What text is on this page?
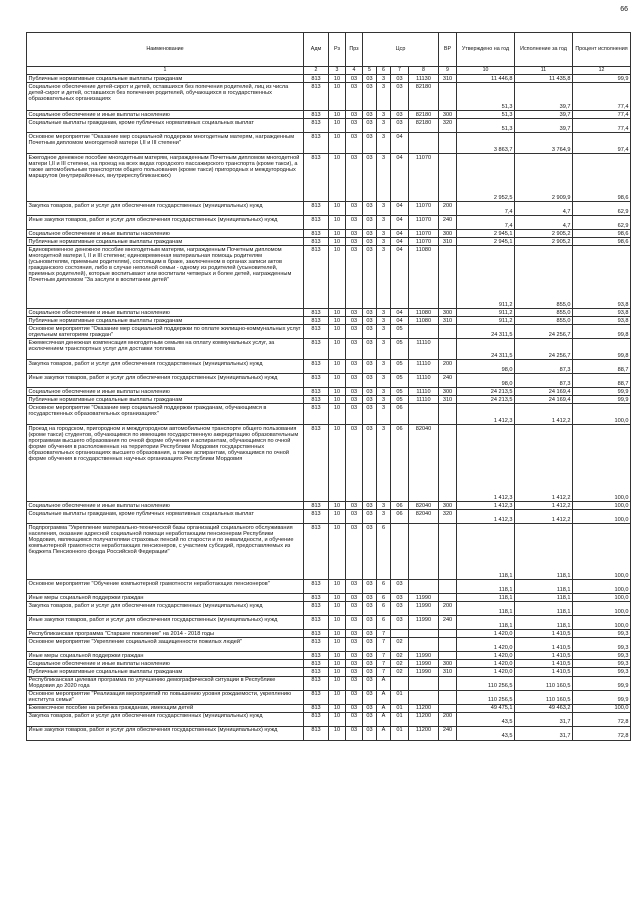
66
Наименование	Адм	Рз	Прз	Цср				ВР	Утверждено на год	Исполнение за год	Процент исполнения
1	2	3	4	5	6	7	8	9	10	11	12
Публичные нормативные социальные выплаты гражданам	813	10	03	03	3	03	11130	310	11 446,8	11 435,8	99,9
Социальное обеспечение детей-сирот и детей, оставшихся без попечения родителей, лиц из числа детей-сирот и детей, оставшихся без попечения родителей, обучающихся в государственных образовательных организациях	813	10	03	03	3	03	82180		51,3	39,7	77,4
Социальное обеспечение и иные выплаты населению	813	10	03	03	3	03	82180	300	51,3	39,7	77,4
Социальные выплаты гражданам, кроме публичных нормативных социальных выплат	813	10	03	03	3	03	82180	320	51,3	39,7	77,4
Основное мероприятие "Оказание мер социальной поддержки многодетным матерям, награжденным Почетным дипломом многодетной матери I,II и III степени"	813	10	03	03	3	04			3 863,7	3 764,9	97,4
Ежегодное денежное пособие многодетным матерям, награжденным Почетным дипломом многодетной матери I,II и III степени, на проезд на всех видах городского пассажирского транспорта (кроме такси), а также автомобильным транспортом общего пользования (кроме такси) пригородных и междугородных маршрутов (внутрирайонных, внутриреспубликанских)	813	10	03	03	3	04	11070		2 952,5	2 909,9	98,6
Закупка товаров, работ и услуг для обеспечения государственных (муниципальных) нужд	813	10	03	03	3	04	11070	200	7,4	4,7	62,9
Иные закупки товаров, работ и услуг для обеспечения государственных (муниципальных) нужд	813	10	03	03	3	04	11070	240	7,4	4,7	62,9
Социальное обеспечение и иные выплаты населению	813	10	03	03	3	04	11070	300	2 945,1	2 905,2	98,6
Публичные нормативные социальные выплаты гражданам	813	10	03	03	3	04	11070	310	2 945,1	2 905,2	98,6
Единовременное денежное пособие многодетным матерям, награжденным Почетным дипломом многодетной матери I, II и III степени; единовременная материальная помощь родителям (усыновителям, приемным родителям), состоящим в браке, заключенном в органах записи актов гражданского состояния, либо в случае неполной семьи - одному из родителей (усыновителей, приемных родителей), которые воспитывают или воспитали четверых и более детей, награжденным Почетным дипломом "За заслуги в воспитании детей"	813	10	03	03	3	04	11080		911,2	855,0	93,8
Социальное обеспечение и иные выплаты населению	813	10	03	03	3	04	11080	300	911,2	855,0	93,8
Публичные нормативные социальные выплаты гражданам	813	10	03	03	3	04	11080	310	911,2	855,0	93,8
Основное мероприятие "Оказание мер социальной поддержки по оплате жилищно-коммунальных услуг отдельным категориям граждан"	813	10	03	03	3	05			24 311,5	24 256,7	99,8
Ежемесячная денежная компенсация многодетным семьям на оплату коммунальных услуг, за исключением транспортных услуг для доставки топлива	813	10	03	03	3	05	11110		24 311,5	24 256,7	99,8
Закупка товаров, работ и услуг для обеспечения государственных (муниципальных) нужд	813	10	03	03	3	05	11110	200	98,0	87,3	88,7
Иные закупки товаров, работ и услуг для обеспечения государственных (муниципальных) нужд	813	10	03	03	3	05	11110	240	98,0	87,3	88,7
Социальное обеспечение и иные выплаты населению	813	10	03	03	3	05	11110	300	24 213,5	24 169,4	99,9
Публичные нормативные социальные выплаты гражданам	813	10	03	03	3	05	11110	310	24 213,5	24 169,4	99,9
Основное мероприятие "Оказание мер социальной поддержки гражданам, обучающимся в государственных образовательных организациях"	813	10	03	03	3	06			1 412,3	1 412,2	100,0
Проезд на городском, пригородном и междугородном автомобильном транспорте общего пользования (кроме такси) студентов, обучающимся по имеющим государственную аккредитацию образовательным программам высшего образования по очной форме обучения и аспирантам, обучающимся по очной форме обучения в расположенных на территории Республики Мордовия государственных образовательных организациях высшего образования, а также аспирантам, обучающимся по очной форме обучения в государственных научных организациях Республики Мордовия	813	10	03	03	3	06	82040		1 412,3	1 412,2	100,0
Социальное обеспечение и иные выплаты населению	813	10	03	03	3	06	82040	300	1 412,3	1 412,2	100,0
Социальные выплаты гражданам, кроме публичных нормативных социальных выплат	813	10	03	03	3	06	82040	320	1 412,3	1 412,2	100,0
Подпрограмма "Укрепление материально-технической базы организаций социального обслуживания населения, оказание адресной социальной помощи неработающим пенсионерам Республики Мордовия, являющимся получателями страховых пенсий по старости и по инвалидности, и обучение компьютерной грамотности неработающих пенсионеров, с участием субсидий, предоставляемых из бюджета Пенсионного фонда Российской Федерации"	813	10	03	03	6				118,1	118,1	100,0
Основное мероприятие "Обучение компьютерной грамотности неработающих пенсионеров"	813	10	03	03	6	03			118,1	118,1	100,0
Иные меры социальной поддержки граждан	813	10	03	03	6	03	11990		118,1	118,1	100,0
Закупка товаров, работ и услуг для обеспечения государственных (муниципальных) нужд	813	10	03	03	6	03	11990	200	118,1	118,1	100,0
Иные закупки товаров, работ и услуг для обеспечения государственных (муниципальных) нужд	813	10	03	03	6	03	11990	240	118,1	118,1	100,0
Республиканская программа "Старшее поколение" на 2014 - 2018 годы	813	10	03	03	7				1 420,0	1 410,5	99,3
Основное мероприятие "Укрепление социальной защищенности пожилых людей"	813	10	03	03	7	02			1 420,0	1 410,5	99,3
Иные меры социальной поддержки граждан	813	10	03	03	7	02	11990		1 420,0	1 410,5	99,3
Социальное обеспечение и иные выплаты населению	813	10	03	03	7	02	11990	300	1 420,0	1 410,5	99,3
Публичные нормативные социальные выплаты гражданам	813	10	03	03	7	02	11990	310	1 420,0	1 410,5	99,3
Республиканская целевая программа по улучшению демографической ситуации в Республике Мордовия до 2020 года	813	10	03	03	А				110 256,5	110 160,5	99,9
Основное мероприятие "Реализация мероприятий по повышению уровня рождаемости, укреплению института семьи"	813	10	03	03	А	01			110 256,5	110 160,5	99,9
Ежемесячное пособие на ребенка гражданам, имеющим детей	813	10	03	03	А	01	11200		49 475,1	49 463,2	100,0
Закупка товаров, работ и услуг для обеспечения государственных (муниципальных) нужд	813	10	03	03	А	01	11200	200	43,5	31,7	72,8
Иные закупки товаров, работ и услуг для обеспечения государственных (муниципальных) нужд	813	10	03	03	А	01	11200	240	43,5	31,7	72,8
